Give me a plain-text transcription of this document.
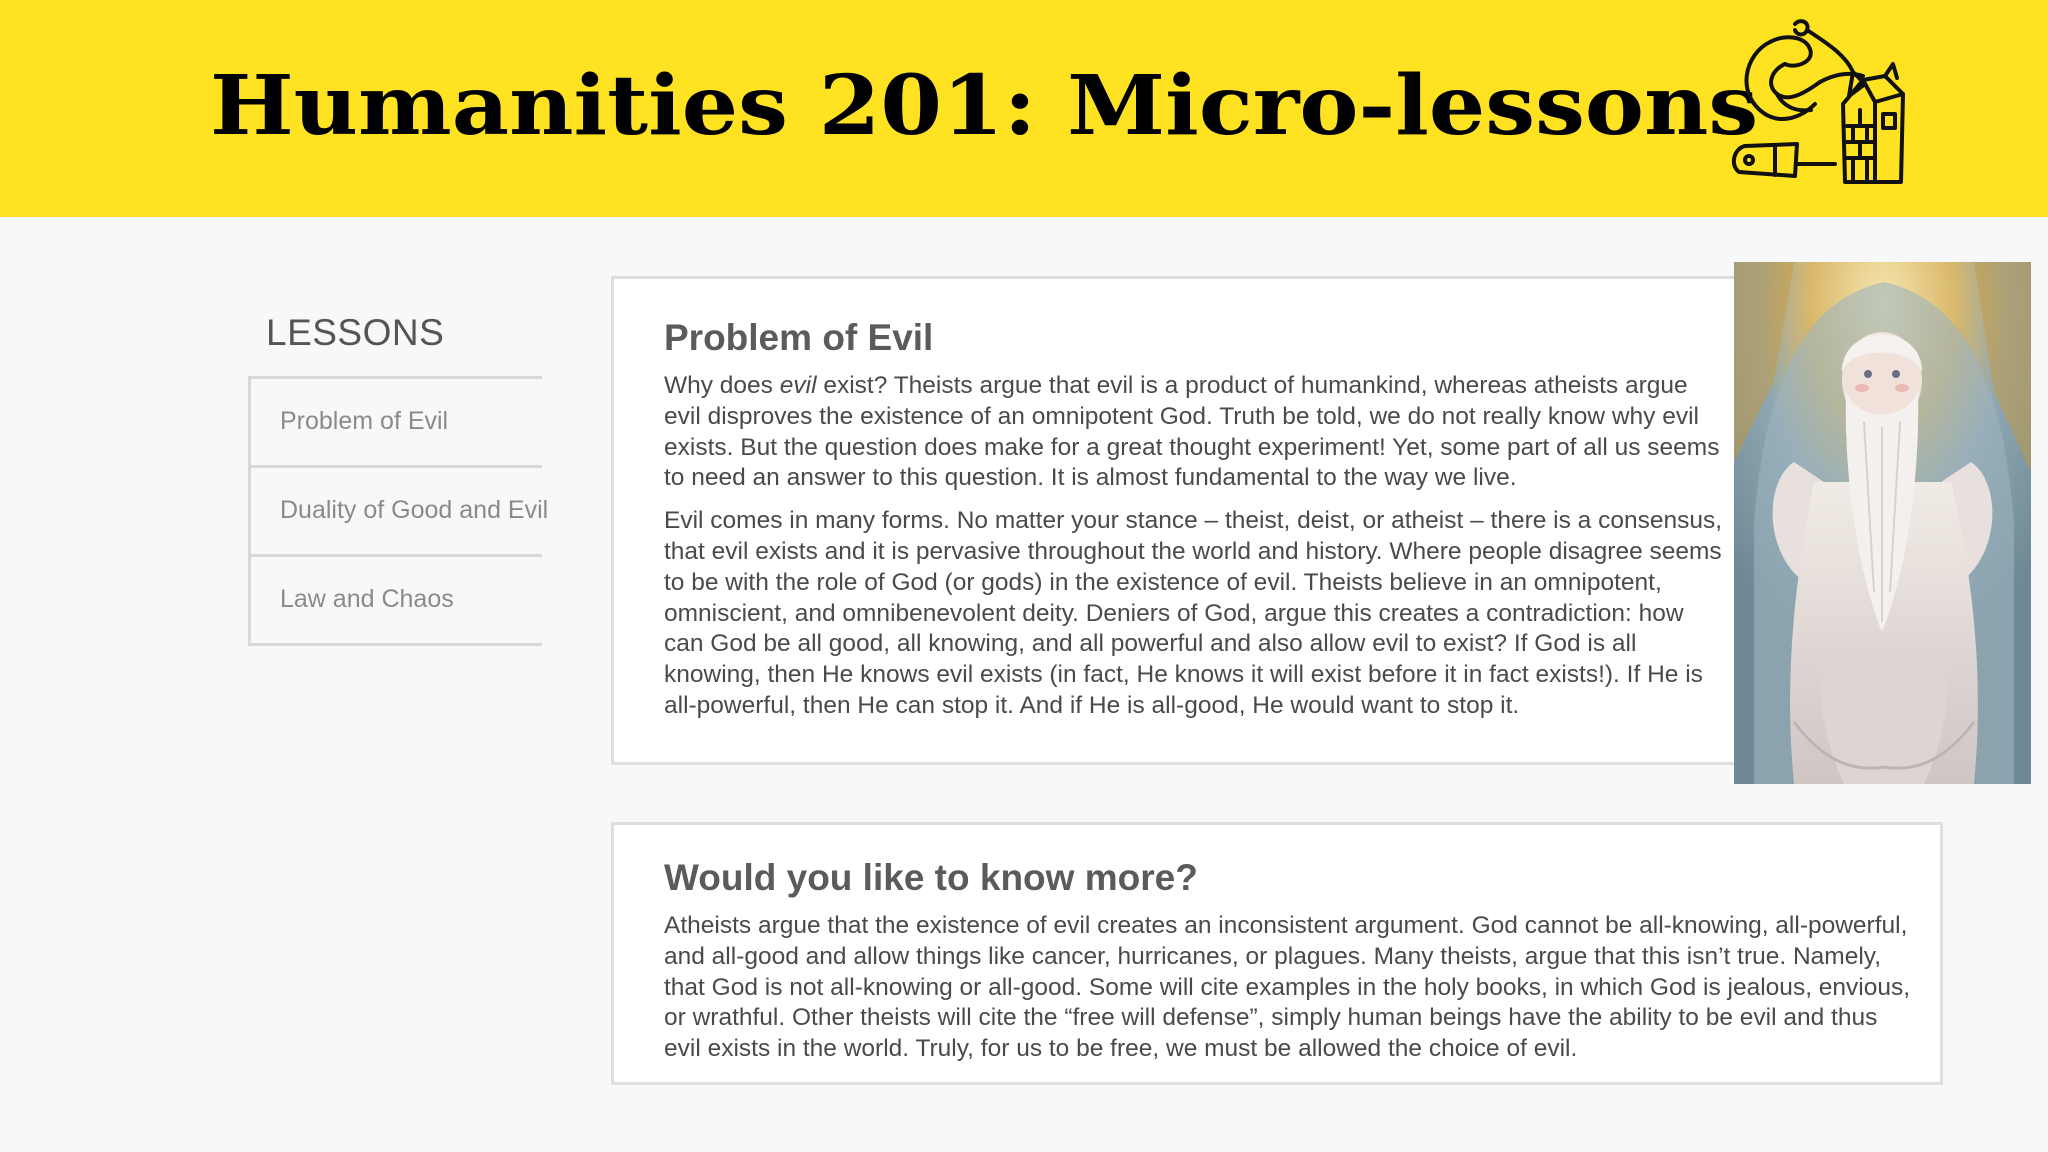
Humanities 201: Micro-lessons
LESSONS
Problem of Evil
Duality of Good and Evil
Law and Chaos
Problem of Evil

Why does evil exist? Theists argue that evil is a product of humankind, whereas atheists argue evil disproves the existence of an omnipotent God. Truth be told, we do not really know why evil exists. But the question does make for a great thought experiment! Yet, some part of all us seems to need an answer to this question. It is almost fundamental to the way we live.

Evil comes in many forms. No matter your stance – theist, deist, or atheist – there is a consensus, that evil exists and it is pervasive throughout the world and history. Where people disagree seems to be with the role of God (or gods) in the existence of evil. Theists believe in an omnipotent, omniscient, and omnibenevolent deity. Deniers of God, argue this creates a contradiction: how can God be all good, all knowing, and all powerful and also allow evil to exist? If God is all knowing, then He knows evil exists (in fact, He knows it will exist before it in fact exists!). If He is all-powerful, then He can stop it. And if He is all-good, He would want to stop it.

Would you like to know more?

Atheists argue that the existence of evil creates an inconsistent argument. God cannot be all-knowing, all-powerful, and all-good and allow things like cancer, hurricanes, or plagues. Many theists, argue that this isn’t true. Namely, that God is not all-knowing or all-good. Some will cite examples in the holy books, in which God is jealous, envious, or wrathful. Other theists will cite the “free will defense”, simply human beings have the ability to be evil and thus evil exists in the world. Truly, for us to be free, we must be allowed the choice of evil.
